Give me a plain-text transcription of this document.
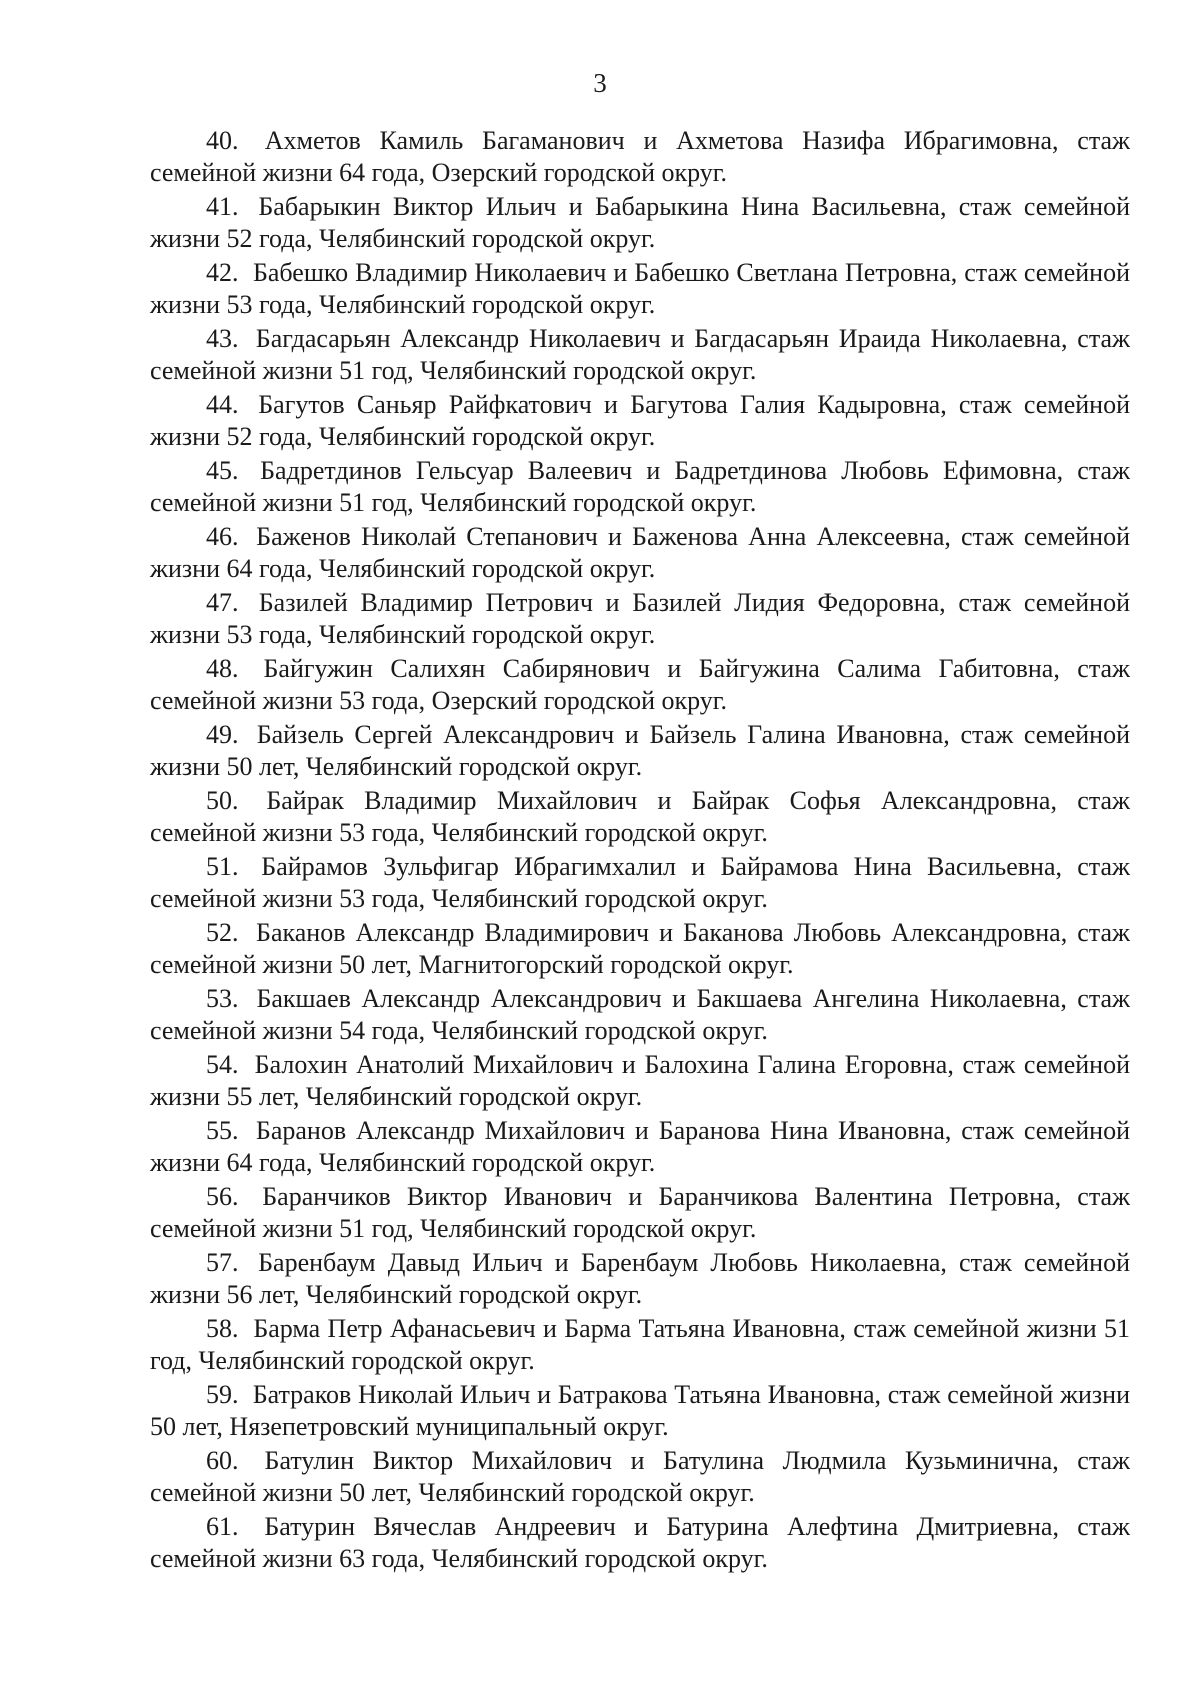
3

40. Ахметов Камиль Багаманович и Ахметова Назифа Ибрагимовна, стаж семейной жизни 64 года, Озерский городской округ.

41. Бабарыкин Виктор Ильич и Бабарыкина Нина Васильевна, стаж семейной жизни 52 года, Челябинский городской округ.

42. Бабешко Владимир Николаевич и Бабешко Светлана Петровна, стаж семейной жизни 53 года, Челябинский городской округ.

43. Багдасарьян Александр Николаевич и Багдасарьян Ираида Николаевна, стаж семейной жизни 51 год, Челябинский городской округ.

44. Багутов Саньяр Райфкатович и Багутова Галия Кадыровна, стаж семейной жизни 52 года, Челябинский городской округ.

45. Бадретдинов Гельсуар Валеевич и Бадретдинова Любовь Ефимовна, стаж семейной жизни 51 год, Челябинский городской округ.

46. Баженов Николай Степанович и Баженова Анна Алексеевна, стаж семейной жизни 64 года, Челябинский городской округ.

47. Базилей Владимир Петрович и Базилей Лидия Федоровна, стаж семейной жизни 53 года, Челябинский городской округ.

48. Байгужин Салихян Сабирянович и Байгужина Салима Габитовна, стаж семейной жизни 53 года, Озерский городской округ.

49. Байзель Сергей Александрович и Байзель Галина Ивановна, стаж семейной жизни 50 лет, Челябинский городской округ.

50. Байрак Владимир Михайлович и Байрак Софья Александровна, стаж семейной жизни 53 года, Челябинский городской округ.

51. Байрамов Зульфигар Ибрагимхалил и Байрамова Нина Васильевна, стаж семейной жизни 53 года, Челябинский городской округ.

52. Баканов Александр Владимирович и Баканова Любовь Александровна, стаж семейной жизни 50 лет, Магнитогорский городской округ.

53. Бакшаев Александр Александрович и Бакшаева Ангелина Николаевна, стаж семейной жизни 54 года, Челябинский городской округ.

54. Балохин Анатолий Михайлович и Балохина Галина Егоровна, стаж семейной жизни 55 лет, Челябинский городской округ.

55. Баранов Александр Михайлович и Баранова Нина Ивановна, стаж семейной жизни 64 года, Челябинский городской округ.

56. Баранчиков Виктор Иванович и Баранчикова Валентина Петровна, стаж семейной жизни 51 год, Челябинский городской округ.

57. Баренбаум Давыд Ильич и Баренбаум Любовь Николаевна, стаж семейной жизни 56 лет, Челябинский городской округ.

58. Барма Петр Афанасьевич и Барма Татьяна Ивановна, стаж семейной жизни 51 год, Челябинский городской округ.

59. Батраков Николай Ильич и Батракова Татьяна Ивановна, стаж семейной жизни 50 лет, Нязепетровский муниципальный округ.

60. Батулин Виктор Михайлович и Батулина Людмила Кузьминична, стаж семейной жизни 50 лет, Челябинский городской округ.

61. Батурин Вячеслав Андреевич и Батурина Алефтина Дмитриевна, стаж семейной жизни 63 года, Челябинский городской округ.
